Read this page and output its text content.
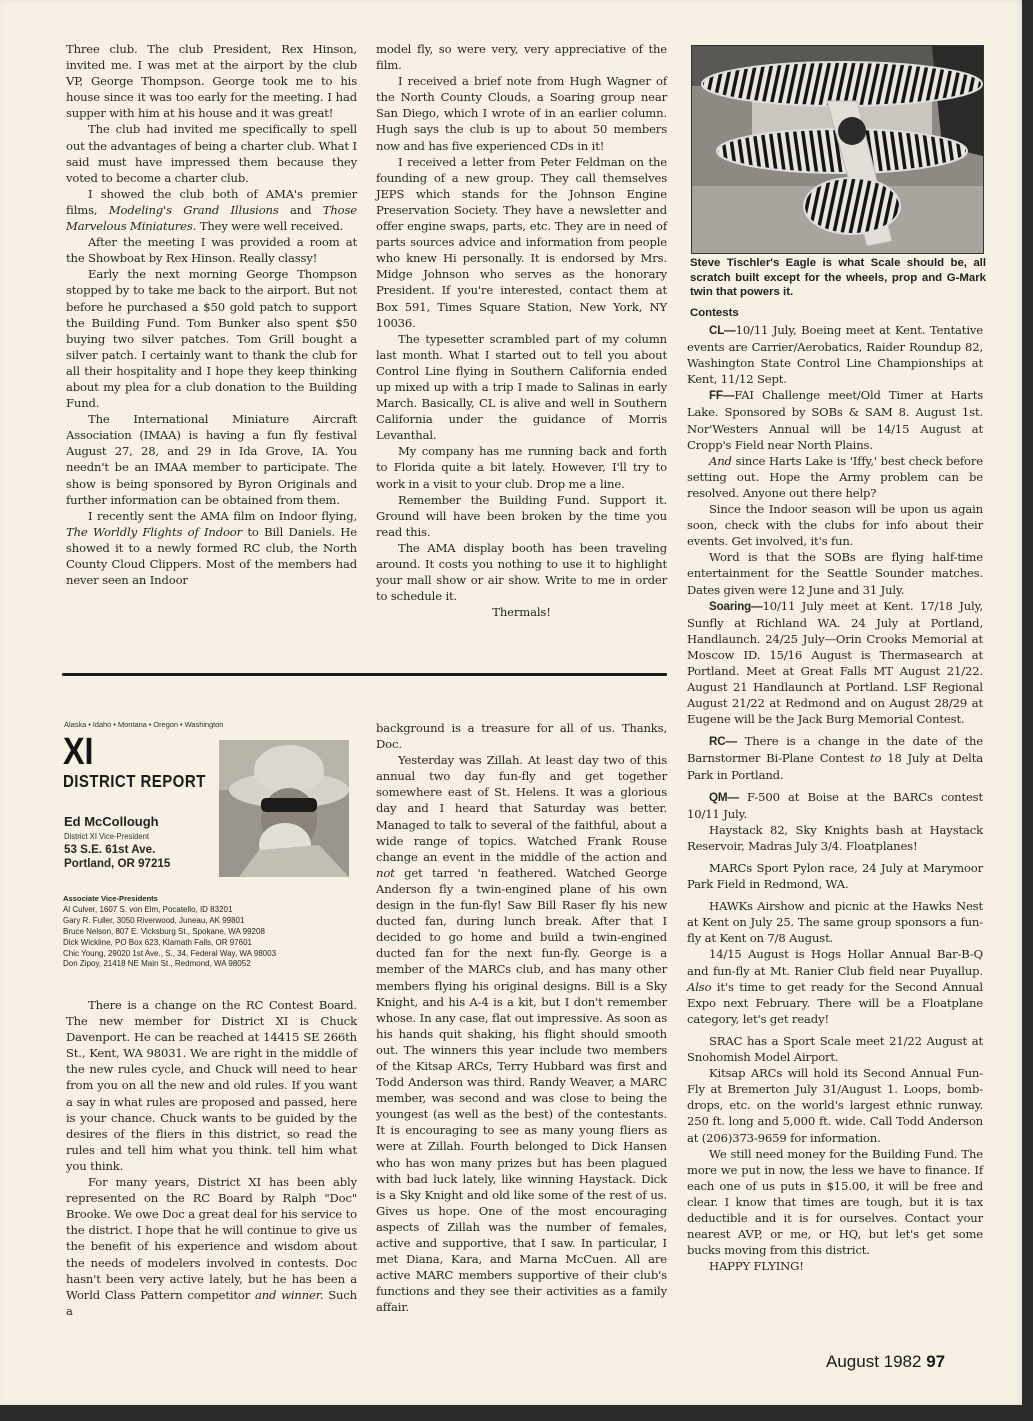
Three club. The club President, Rex Hinson, invited me. I was met at the airport by the club VP, George Thompson. George took me to his house since it was too early for the meeting. I had supper with him at his house and it was great!

The club had invited me specifically to spell out the advantages of being a charter club. What I said must have impressed them because they voted to become a charter club.

I showed the club both of AMA's premier films, Modeling's Grand Illusions and Those Marvelous Miniatures. They were well received.

After the meeting I was provided a room at the Showboat by Rex Hinson. Really classy!

Early the next morning George Thompson stopped by to take me back to the airport. But not before he purchased a $50 gold patch to support the Building Fund. Tom Bunker also spent $50 buying two silver patches. Tom Grill bought a silver patch. I certainly want to thank the club for all their hospitality and I hope they keep thinking about my plea for a club donation to the Building Fund.

The International Miniature Aircraft Association (IMAA) is having a fun fly festival August 27, 28, and 29 in Ida Grove, IA. You needn't be an IMAA member to participate. The show is being sponsored by Byron Originals and further information can be obtained from them.

I recently sent the AMA film on Indoor flying, The Worldly Flights of Indoor to Bill Daniels. He showed it to a newly formed RC club, the North County Cloud Clippers. Most of the members had never seen an Indoor

model fly, so were very, very appreciative of the film.

I received a brief note from Hugh Wagner of the North County Clouds, a Soaring group near San Diego, which I wrote of in an earlier column. Hugh says the club is up to about 50 members now and has five experienced CDs in it!

I received a letter from Peter Feldman on the founding of a new group. They call themselves JEPS which stands for the Johnson Engine Preservation Society. They have a newsletter and offer engine swaps, parts, etc. They are in need of parts sources advice and information from people who knew Hi personally. It is endorsed by Mrs. Midge Johnson who serves as the honorary President. If you're interested, contact them at Box 591, Times Square Station, New York, NY 10036.

The typesetter scrambled part of my column last month. What I started out to tell you about Control Line flying in Southern California ended up mixed up with a trip I made to Salinas in early March. Basically, CL is alive and well in Southern California under the guidance of Morris Levanthal.

My company has me running back and forth to Florida quite a bit lately. However, I'll try to work in a visit to your club. Drop me a line.

Remember the Building Fund. Support it. Ground will have been broken by the time you read this.

The AMA display booth has been traveling around. It costs you nothing to use it to highlight your mall show or air show. Write to me in order to schedule it.

Thermals!

Steve Tischler's Eagle is what Scale should be, all scratch built except for the wheels, prop and G-Mark twin that powers it.
Contests

CL—10/11 July, Boeing meet at Kent. Tentative events are Carrier/Aerobatics, Raider Roundup 82, Washington State Control Line Championships at Kent, 11/12 Sept.

FF—FAI Challenge meet/Old Timer at Harts Lake. Sponsored by SOBs & SAM 8. August 1st. Nor'Westers Annual will be 14/15 August at Cropp's Field near North Plains.

And since Harts Lake is 'Iffy,' best check before setting out. Hope the Army problem can be resolved. Anyone out there help?

Since the Indoor season will be upon us again soon, check with the clubs for info about their events. Get involved, it's fun.

Word is that the SOBs are flying half-time entertainment for the Seattle Sounder matches. Dates given were 12 June and 31 July.

Soaring—10/11 July meet at Kent. 17/18 July, Sunfly at Richland WA. 24 July at Portland, Handlaunch. 24/25 July—Orin Crooks Memorial at Moscow ID. 15/16 August is Thermasearch at Portland. Meet at Great Falls MT August 21/22. August 21 Handlaunch at Portland. LSF Regional August 21/22 at Redmond and on August 28/29 at Eugene will be the Jack Burg Memorial Contest.

RC— There is a change in the date of the Barnstormer Bi-Plane Contest to 18 July at Delta Park in Portland.

QM— F-500 at Boise at the BARCs contest 10/11 July.

Haystack 82, Sky Knights bash at Haystack Reservoir, Madras July 3/4. Floatplanes!

MARCs Sport Pylon race, 24 July at Marymoor Park Field in Redmond, WA.

HAWKs Airshow and picnic at the Hawks Nest at Kent on July 25. The same group sponsors a fun-fly at Kent on 7/8 August.

14/15 August is Hogs Hollar Annual Bar-B-Q and fun-fly at Mt. Ranier Club field near Puyallup. Also it's time to get ready for the Second Annual Expo next February. There will be a Floatplane category, let's get ready!

SRAC has a Sport Scale meet 21/22 August at Snohomish Model Airport.

Kitsap ARCs will hold its Second Annual Fun-Fly at Bremerton July 31/August 1. Loops, bomb-drops, etc. on the world's largest ethnic runway. 250 ft. long and 5,000 ft. wide. Call Todd Anderson at (206)373-9659 for information.

We still need money for the Building Fund. The more we put in now, the less we have to finance. If each one of us puts in $15.00, it will be free and clear. I know that times are tough, but it is tax deductible and it is for ourselves. Contact your nearest AVP, or me, or HQ, but let's get some bucks moving from this district.

HAPPY FLYING!

Alaska • Idaho • Montana • Oregon • Washington
XI
DISTRICT REPORT
Ed McCollough
District XI Vice-President
53 S.E. 61st Ave.
Portland, OR 97215
Associate Vice-Presidents
Al Culver, 1607 S. von Elm, Pocatello, ID 83201
Gary R. Fuller, 3050 Riverwood, Juneau, AK 99801
Bruce Nelson, 807 E. Vicksburg St., Spokane, WA 99208
Dick Wickline, PO Box 623, Klamath Falls, OR 97601
Chic Young, 29020 1st Ave., S., 34, Federal Way, WA 98003
Don Zipoy, 21418 NE Main St., Redmond, WA 98052

There is a change on the RC Contest Board. The new member for District XI is Chuck Davenport. He can be reached at 14415 SE 266th St., Kent, WA 98031. We are right in the middle of the new rules cycle, and Chuck will need to hear from you on all the new and old rules. If you want a say in what rules are proposed and passed, here is your chance. Chuck wants to be guided by the desires of the fliers in this district, so read the rules and tell him what you think. tell him what you think.

For many years, District XI has been ably represented on the RC Board by Ralph "Doc" Brooke. We owe Doc a great deal for his service to the district. I hope that he will continue to give us the benefit of his experience and wisdom about the needs of modelers involved in contests. Doc hasn't been very active lately, but he has been a World Class Pattern competitor and winner. Such a

background is a treasure for all of us. Thanks, Doc.

Yesterday was Zillah. At least day two of this annual two day fun-fly and get together somewhere east of St. Helens. It was a glorious day and I heard that Saturday was better. Managed to talk to several of the faithful, about a wide range of topics. Watched Frank Rouse change an event in the middle of the action and not get tarred 'n feathered. Watched George Anderson fly a twin-engined plane of his own design in the fun-fly! Saw Bill Raser fly his new ducted fan, during lunch break. After that I decided to go home and build a twin-engined ducted fan for the next fun-fly. George is a member of the MARCs club, and has many other members flying his original designs. Bill is a Sky Knight, and his A-4 is a kit, but I don't remember whose. In any case, flat out impressive. As soon as his hands quit shaking, his flight should smooth out. The winners this year include two members of the Kitsap ARCs, Terry Hubbard was first and Todd Anderson was third. Randy Weaver, a MARC member, was second and was close to being the youngest (as well as the best) of the contestants. It is encouraging to see as many young fliers as were at Zillah. Fourth belonged to Dick Hansen who has won many prizes but has been plagued with bad luck lately, like winning Haystack. Dick is a Sky Knight and old like some of the rest of us. Gives us hope. One of the most encouraging aspects of Zillah was the number of females, active and supportive, that I saw. In particular, I met Diana, Kara, and Marna McCuen. All are active MARC members supportive of their club's functions and they see their activities as a family affair.

August 1982 97
